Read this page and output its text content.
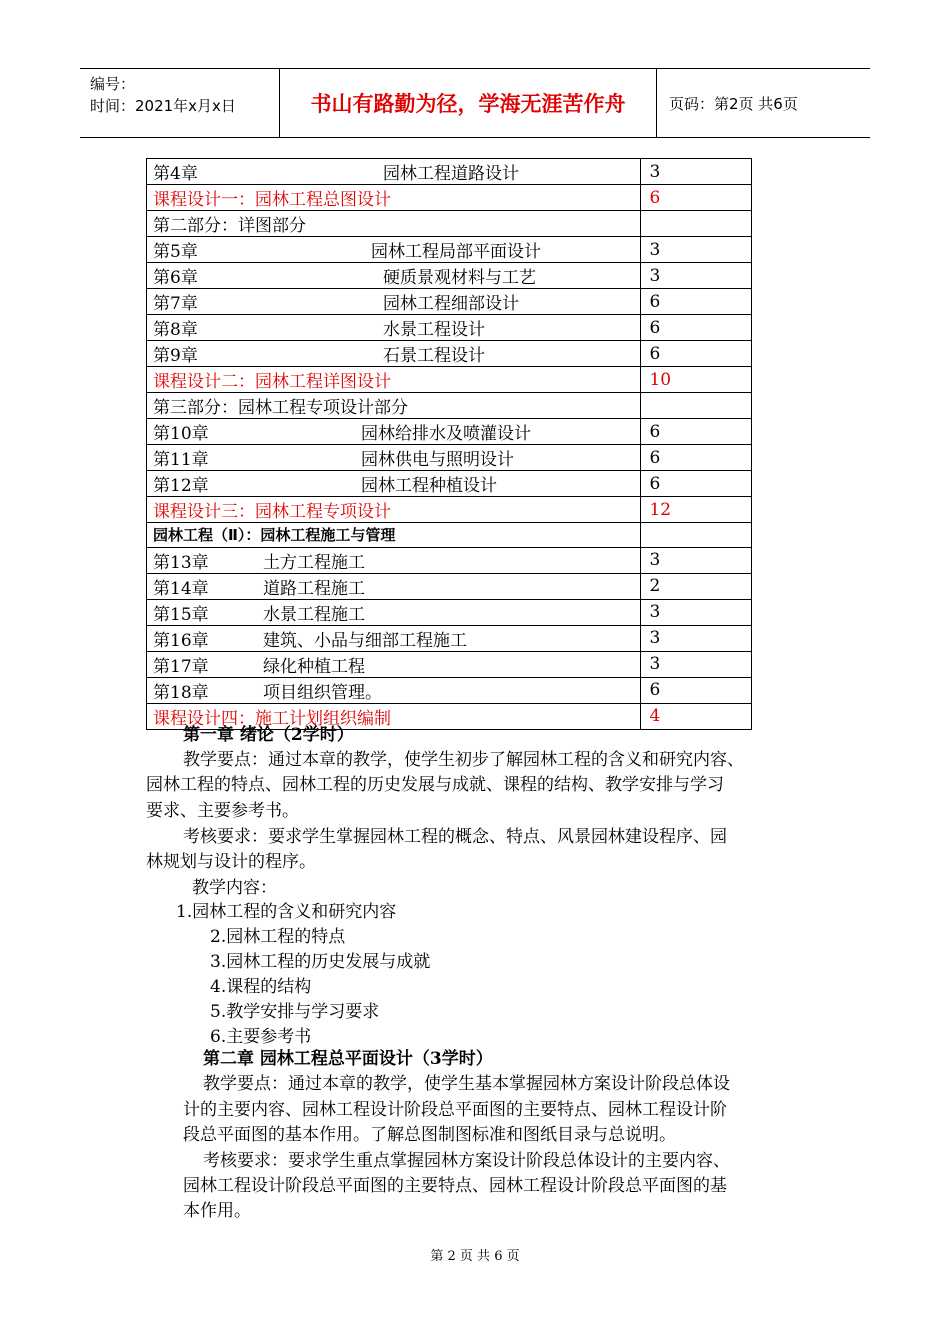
编号：
时间：2021年x月x日	书山有路勤为径，学海无涯苦作舟	页码：第2页 共6页
第4章 园林工程道路设计	3
课程设计一：园林工程总图设计	6
第二部分：详图部分	
第5章 园林工程局部平面设计	3
第6章 硬质景观材料与工艺	3
第7章 园林工程细部设计	6
第8章 水景工程设计	6
第9章 石景工程设计	6
课程设计二：园林工程详图设计	10
第三部分：园林工程专项设计部分	
第10章 园林给排水及喷灌设计	6
第11章 园林供电与照明设计	6
第12章 园林工程种植设计	6
课程设计三：园林工程专项设计	12
园林工程（Ⅱ）：园林工程施工与管理	
第13章 土方工程施工	3
第14章 道路工程施工	2
第15章 水景工程施工	3
第16章 建筑、小品与细部工程施工	3
第17章 绿化种植工程	3
第18章 项目组织管理。	6
课程设计四：施工计划组织编制	4
第一章 绪论（2学时）
教学要点：通过本章的教学，使学生初步了解园林工程的含义和研究内容、
园林工程的特点、园林工程的历史发展与成就、课程的结构、教学安排与学习
要求、主要参考书。
考核要求：要求学生掌握园林工程的概念、特点、风景园林建设程序、园
林规划与设计的程序。
教学内容：
1.园林工程的含义和研究内容
2.园林工程的特点
3.园林工程的历史发展与成就
4.课程的结构
5.教学安排与学习要求
6.主要参考书
第二章 园林工程总平面设计（3学时）
教学要点：通过本章的教学，使学生基本掌握园林方案设计阶段总体设
计的主要内容、园林工程设计阶段总平面图的主要特点、园林工程设计阶
段总平面图的基本作用。了解总图制图标准和图纸目录与总说明。
考核要求：要求学生重点掌握园林方案设计阶段总体设计的主要内容、
园林工程设计阶段总平面图的主要特点、园林工程设计阶段总平面图的基
本作用。
第 2 页 共 6 页
